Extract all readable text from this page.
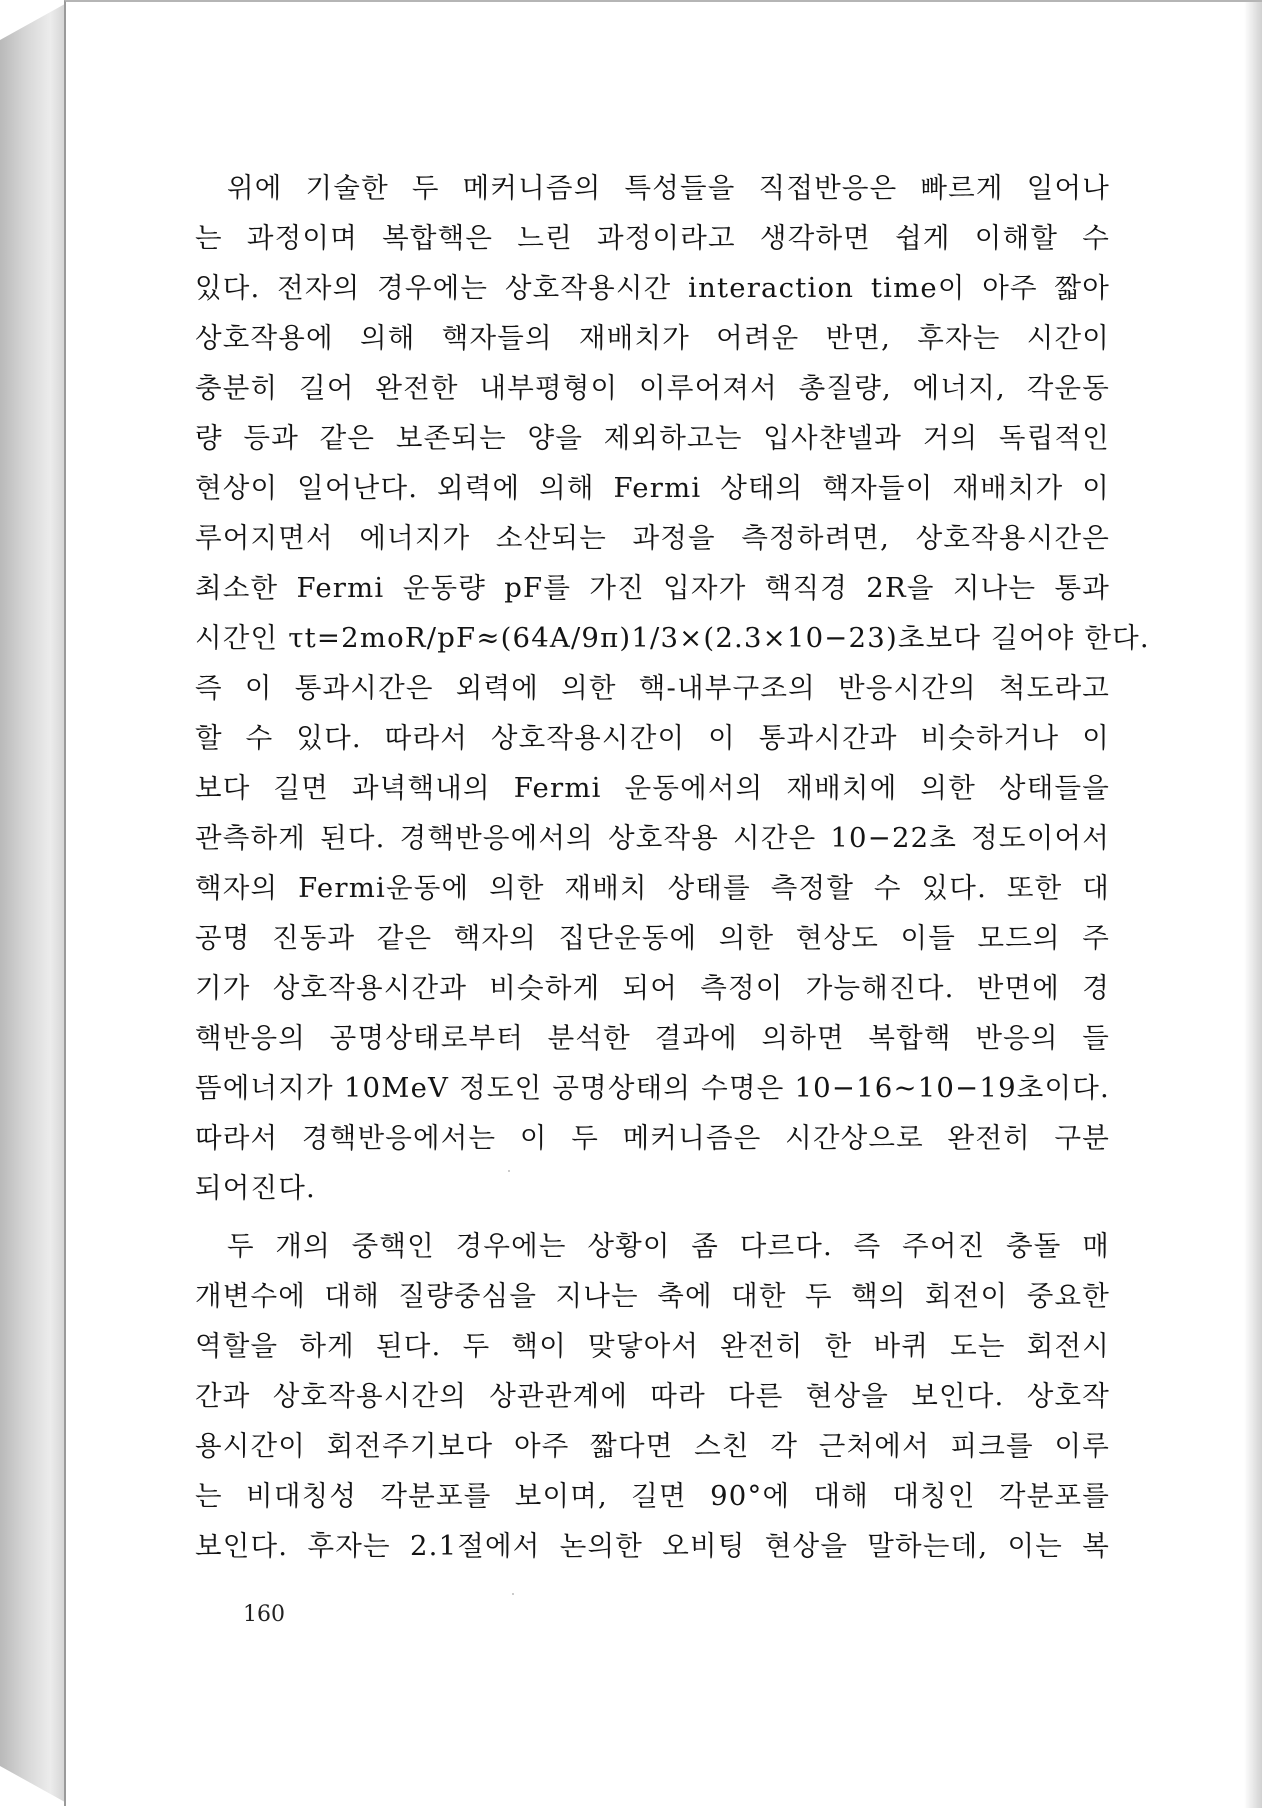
위에 기술한 두 메커니즘의 특성들을 직접반응은 빠르게 일어나
는 과정이며 복합핵은 느린 과정이라고 생각하면 쉽게 이해할 수
있다. 전자의 경우에는 상호작용시간 interaction time이 아주 짧아
상호작용에 의해 핵자들의 재배치가 어려운 반면, 후자는 시간이
충분히 길어 완전한 내부평형이 이루어져서 총질량, 에너지, 각운동
량 등과 같은 보존되는 양을 제외하고는 입사챤넬과 거의 독립적인
현상이 일어난다. 외력에 의해 Fermi 상태의 핵자들이 재배치가 이
루어지면서 에너지가 소산되는 과정을 측정하려면, 상호작용시간은
최소한 Fermi 운동량 pF를 가진 입자가 핵직경 2R을 지나는 통과
시간인 τt=2moR/pF≈(64A/9π)1/3×(2.3×10−23)초보다 길어야 한다.
즉 이 통과시간은 외력에 의한 핵-내부구조의 반응시간의 척도라고
할 수 있다. 따라서 상호작용시간이 이 통과시간과 비슷하거나 이
보다 길면 과녁핵내의 Fermi 운동에서의 재배치에 의한 상태들을
관측하게 된다. 경핵반응에서의 상호작용 시간은 10−22초 정도이어서
핵자의 Fermi운동에 의한 재배치 상태를 측정할 수 있다. 또한 대
공명 진동과 같은 핵자의 집단운동에 의한 현상도 이들 모드의 주
기가 상호작용시간과 비슷하게 되어 측정이 가능해진다. 반면에 경
핵반응의 공명상태로부터 분석한 결과에 의하면 복합핵 반응의 들
뜸에너지가 10MeV 정도인 공명상태의 수명은 10−16~10−19초이다.
따라서 경핵반응에서는 이 두 메커니즘은 시간상으로 완전히 구분
되어진다.
두 개의 중핵인 경우에는 상황이 좀 다르다. 즉 주어진 충돌 매
개변수에 대해 질량중심을 지나는 축에 대한 두 핵의 회전이 중요한
역할을 하게 된다. 두 핵이 맞닿아서 완전히 한 바퀴 도는 회전시
간과 상호작용시간의 상관관계에 따라 다른 현상을 보인다. 상호작
용시간이 회전주기보다 아주 짧다면 스친 각 근처에서 피크를 이루
는 비대칭성 각분포를 보이며, 길면 90°에 대해 대칭인 각분포를
보인다. 후자는 2.1절에서 논의한 오비팅 현상을 말하는데, 이는 복
160
